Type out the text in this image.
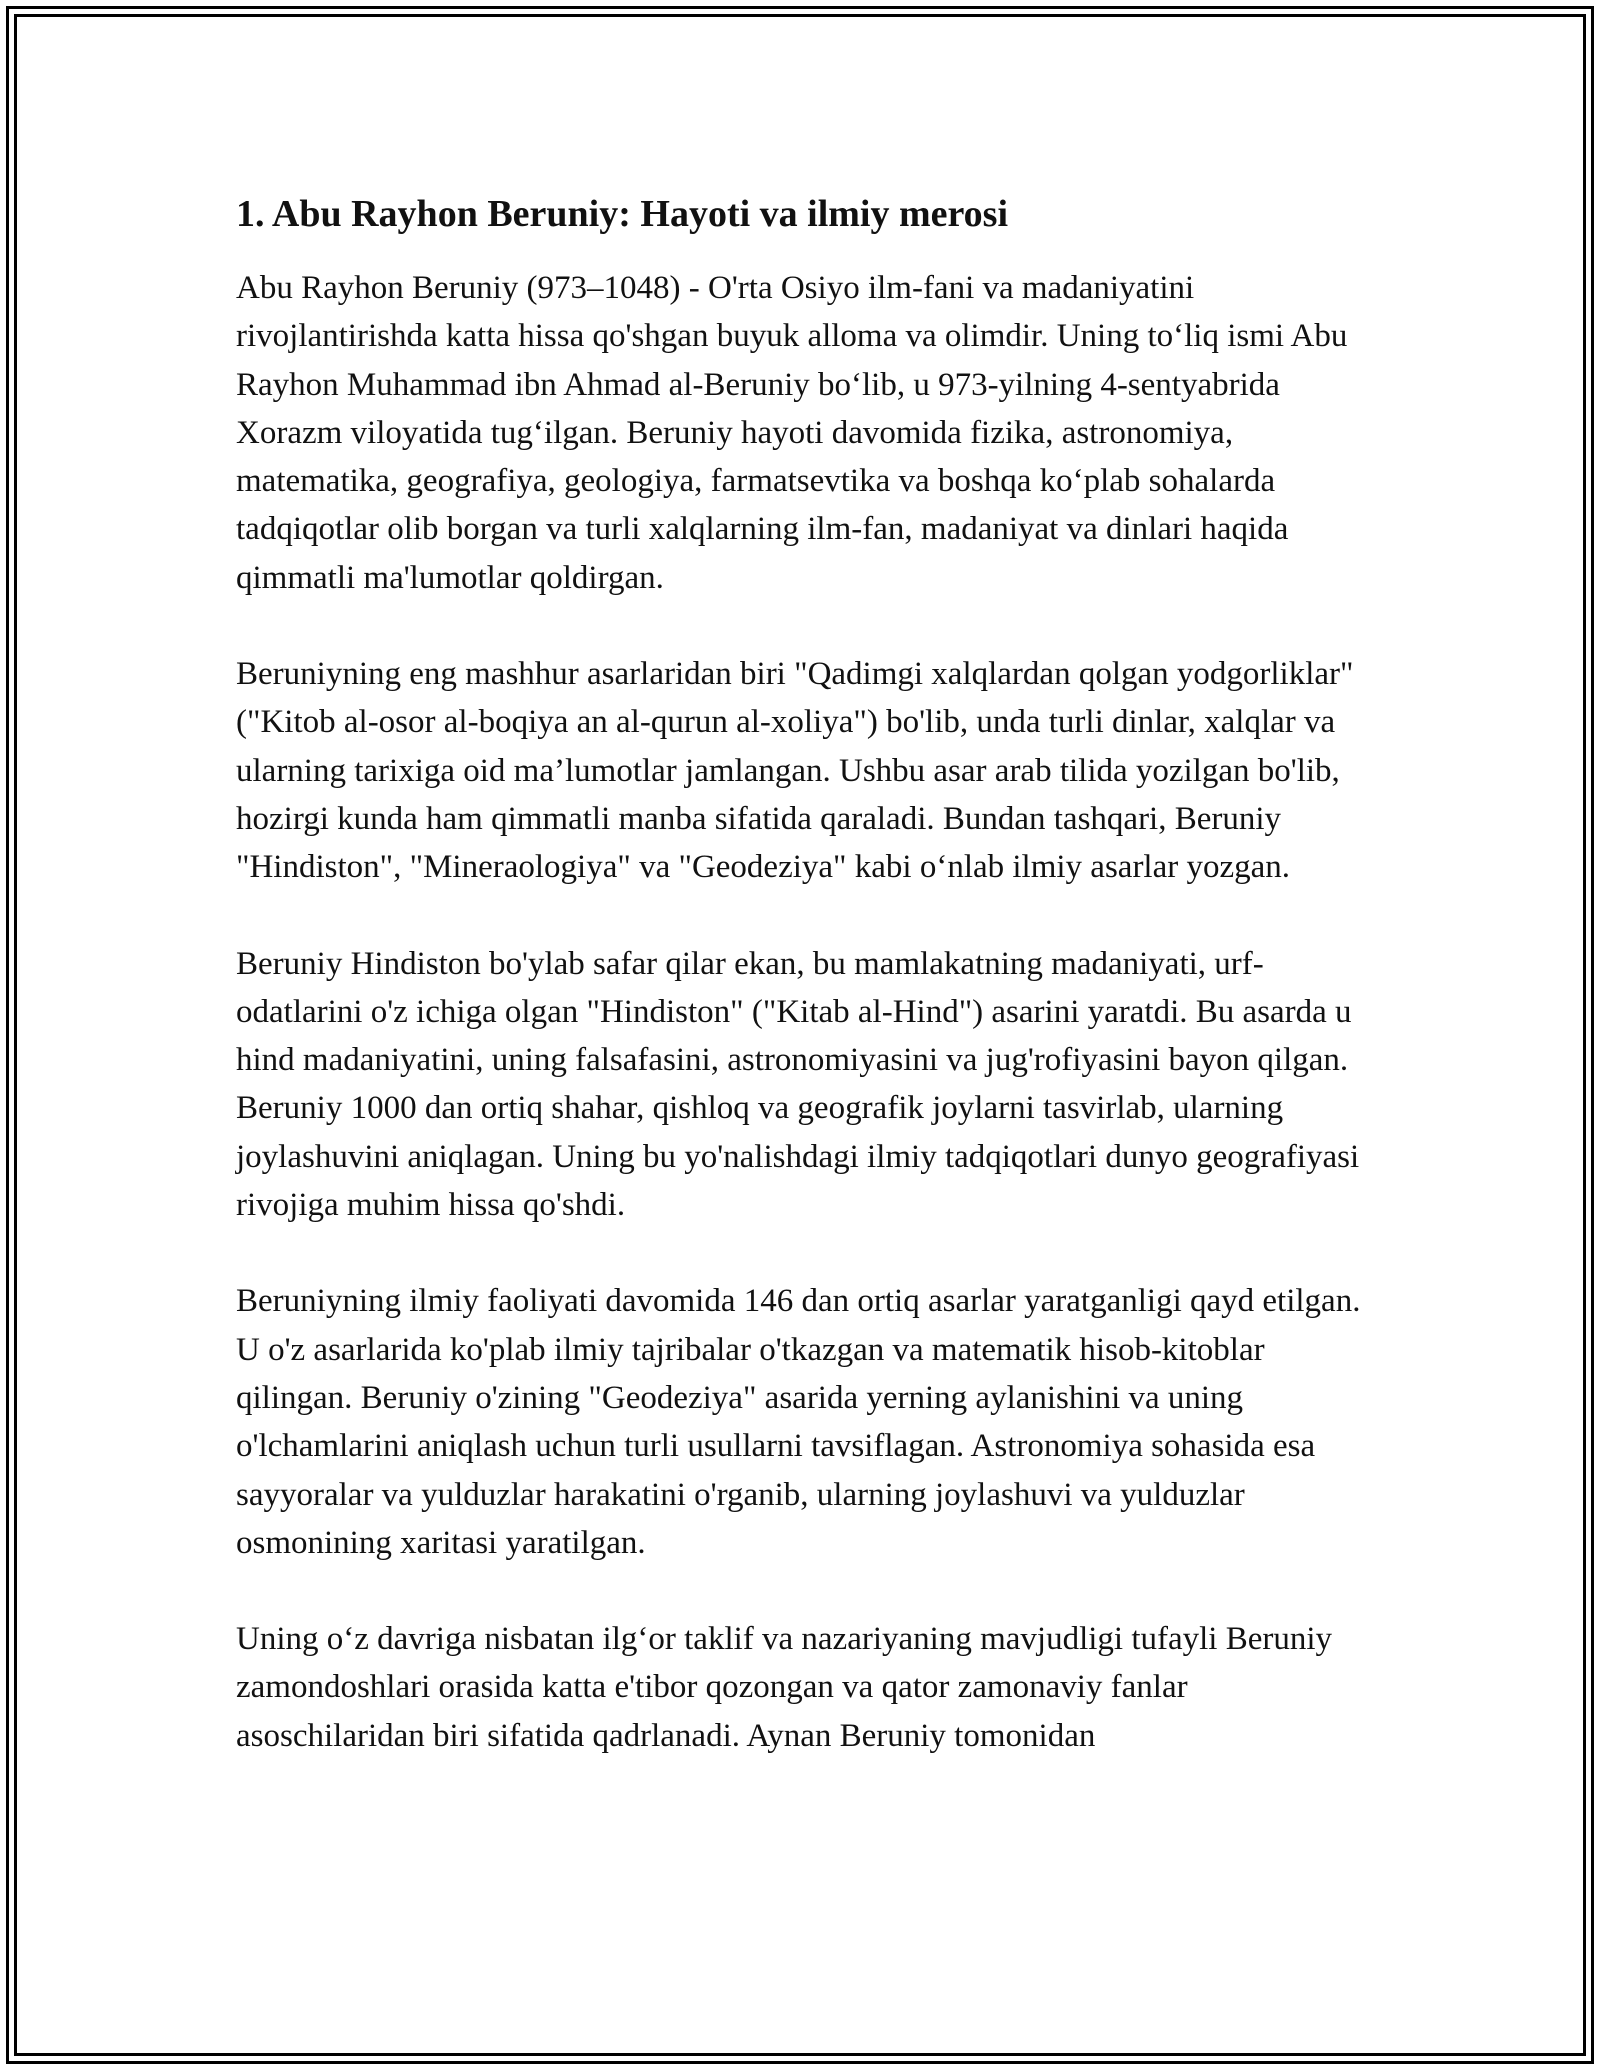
1. Abu Rayhon Beruniy: Hayoti va ilmiy merosi

Abu Rayhon Beruniy (973–1048) - O'rta Osiyo ilm-fani va madaniyatini rivojlantirishda katta hissa qo'shgan buyuk alloma va olimdir. Uning to‘liq ismi Abu Rayhon Muhammad ibn Ahmad al-Beruniy bo‘lib, u 973-yilning 4-sentyabrida Xorazm viloyatida tug‘ilgan. Beruniy hayoti davomida fizika, astronomiya, matematika, geografiya, geologiya, farmatsevtika va boshqa ko‘plab sohalarda tadqiqotlar olib borgan va turli xalqlarning ilm-fan, madaniyat va dinlari haqida qimmatli ma'lumotlar qoldirgan.

Beruniyning eng mashhur asarlaridan biri "Qadimgi xalqlardan qolgan yodgorliklar" ("Kitob al-osor al-boqiya an al-qurun al-xoliya") bo'lib, unda turli dinlar, xalqlar va ularning tarixiga oid ma’lumotlar jamlangan. Ushbu asar arab tilida yozilgan bo'lib, hozirgi kunda ham qimmatli manba sifatida qaraladi. Bundan tashqari, Beruniy "Hindiston", "Mineraologiya" va "Geodeziya" kabi o‘nlab ilmiy asarlar yozgan.

Beruniy Hindiston bo'ylab safar qilar ekan, bu mamlakatning madaniyati, urf-odatlarini o'z ichiga olgan "Hindiston" ("Kitab al-Hind") asarini yaratdi. Bu asarda u hind madaniyatini, uning falsafasini, astronomiyasini va jug'rofiyasini bayon qilgan. Beruniy 1000 dan ortiq shahar, qishloq va geografik joylarni tasvirlab, ularning joylashuvini aniqlagan. Uning bu yo'nalishdagi ilmiy tadqiqotlari dunyo geografiyasi rivojiga muhim hissa qo'shdi.

Beruniyning ilmiy faoliyati davomida 146 dan ortiq asarlar yaratganligi qayd etilgan. U o'z asarlarida ko'plab ilmiy tajribalar o'tkazgan va matematik hisob-kitoblar qilingan. Beruniy o'zining "Geodeziya" asarida yerning aylanishini va uning o'lchamlarini aniqlash uchun turli usullarni tavsiflagan. Astronomiya sohasida esa sayyoralar va yulduzlar harakatini o'rganib, ularning joylashuvi va yulduzlar osmonining xaritasi yaratilgan.

Uning o‘z davriga nisbatan ilg‘or taklif va nazariyaning mavjudligi tufayli Beruniy zamondoshlari orasida katta e'tibor qozongan va qator zamonaviy fanlar asoschilaridan biri sifatida qadrlanadi. Aynan Beruniy tomonidan
